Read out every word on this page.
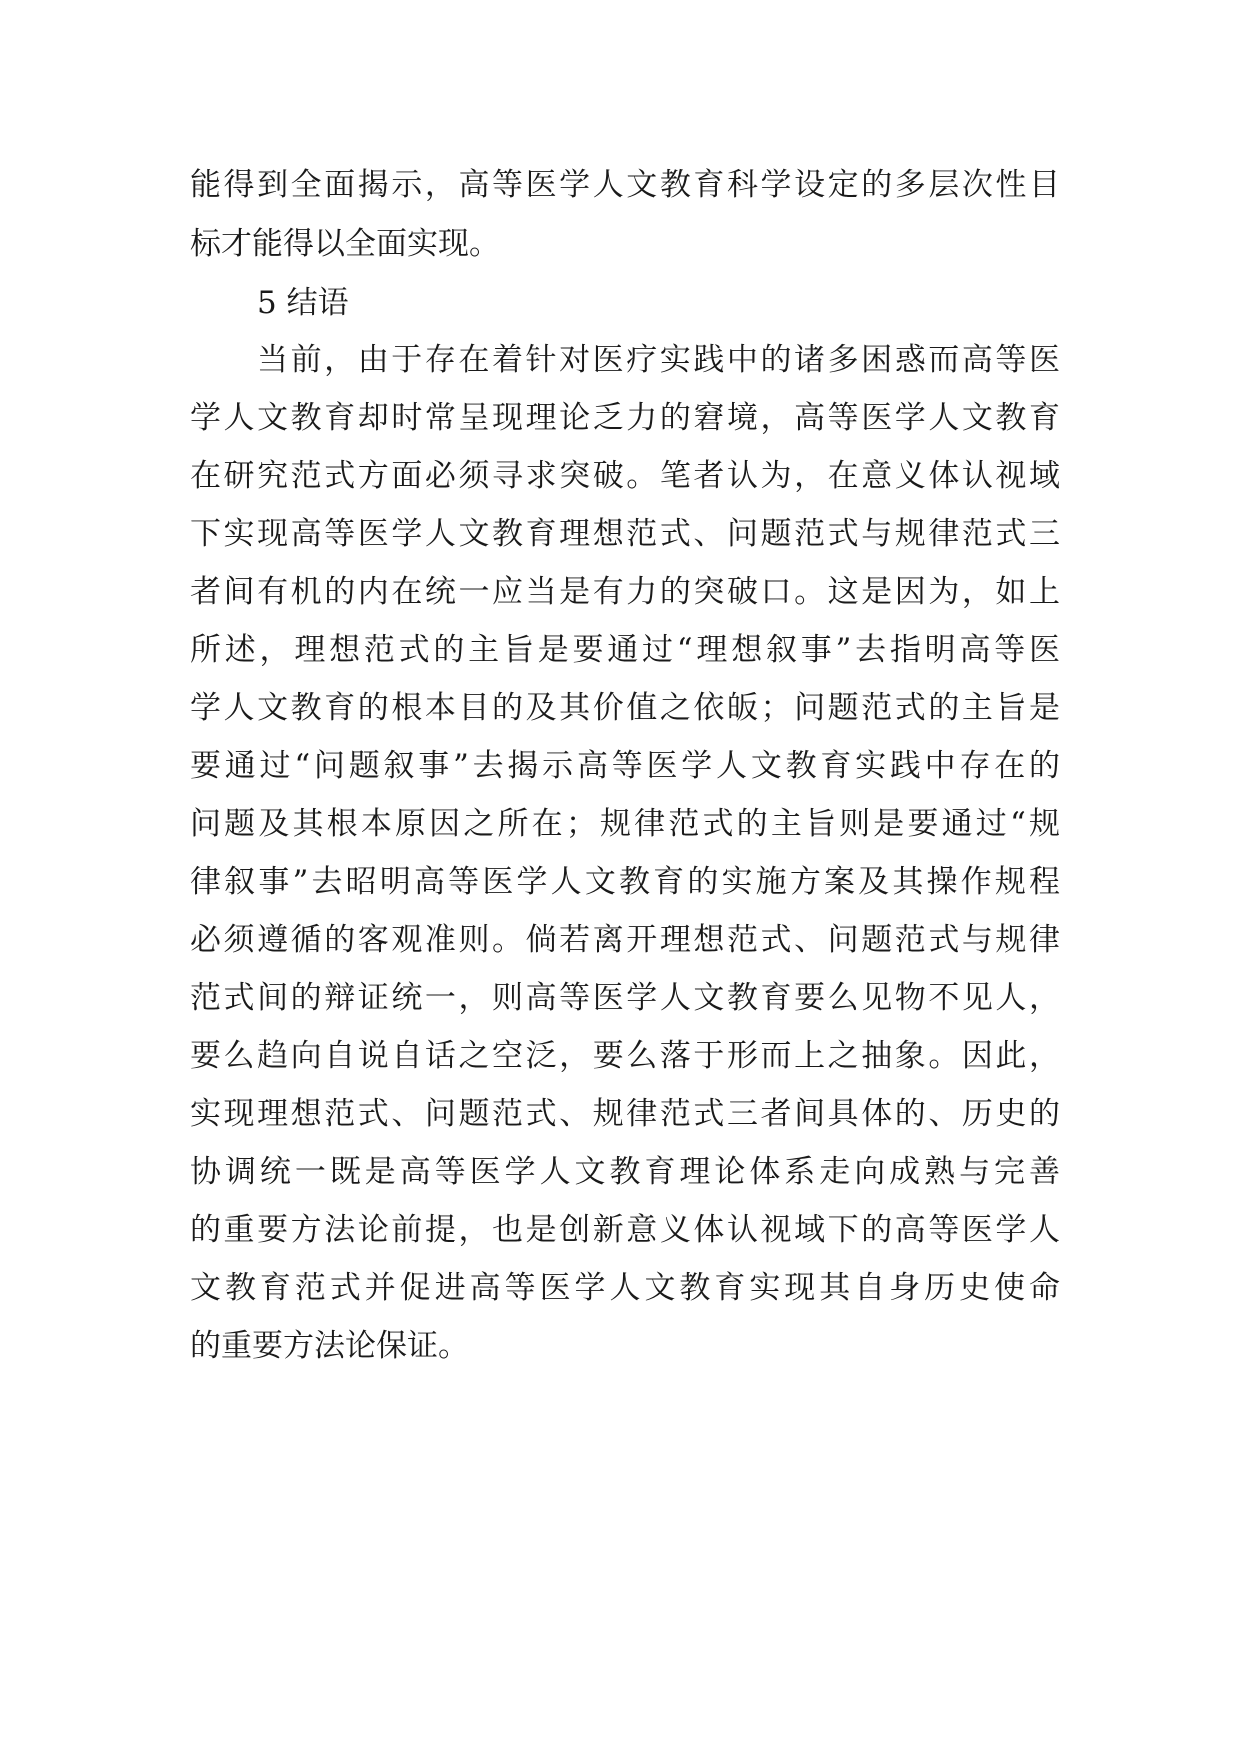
能得到全面揭示，高等医学人文教育科学设定的多层次性目
标才能得以全面实现。
5 结语
当前，由于存在着针对医疗实践中的诸多困惑而高等医
学人文教育却时常呈现理论乏力的窘境，高等医学人文教育
在研究范式方面必须寻求突破。笔者认为，在意义体认视域
下实现高等医学人文教育理想范式、问题范式与规律范式三
者间有机的内在统一应当是有力的突破口。这是因为，如上
所述，理想范式的主旨是要通过“理想叙事”去指明高等医
学人文教育的根本目的及其价值之依皈；问题范式的主旨是
要通过“问题叙事”去揭示高等医学人文教育实践中存在的
问题及其根本原因之所在；规律范式的主旨则是要通过“规
律叙事”去昭明高等医学人文教育的实施方案及其操作规程
必须遵循的客观准则。倘若离开理想范式、问题范式与规律
范式间的辩证统一，则高等医学人文教育要么见物不见人，
要么趋向自说自话之空泛，要么落于形而上之抽象。因此，
实现理想范式、问题范式、规律范式三者间具体的、历史的
协调统一既是高等医学人文教育理论体系走向成熟与完善
的重要方法论前提，也是创新意义体认视域下的高等医学人
文教育范式并促进高等医学人文教育实现其自身历史使命
的重要方法论保证。
